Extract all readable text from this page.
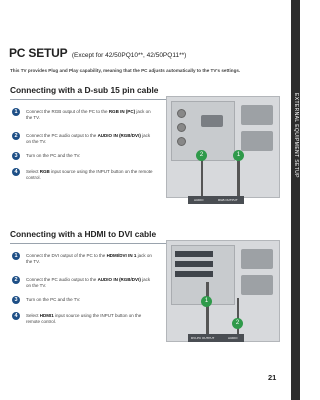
EXTERNAL EQUIPMENT SETUP
PC SETUP (Except for 42/50PQ10**, 42/50PQ11**)
This TV provides Plug and Play capability, meaning that the PC adjusts automatically to the TV's settings.
Connecting with a D-sub 15 pin cable
1	Connect the RGB output of the PC to the RGB IN (PC) jack on the TV.
2	Connect the PC audio output to the AUDIO IN (RGB/DVI) jack on the TV.
3	Turn on the PC and the TV.
4	Select RGB input source using the INPUT button on the remote control.
2	1
AUDIO	RGB OUTPUT
Connecting with a HDMI to DVI cable
1	Connect the DVI output of the PC to the HDMI/DVI IN 1 jack on the TV.
2	Connect the PC audio output to the AUDIO IN (RGB/DVI) jack on the TV.
3	Turn on the PC and the TV.
4	Select HDMI1 input source using the INPUT button on the remote control.
1
2
DVI-PC OUTPUT	AUDIO
21
